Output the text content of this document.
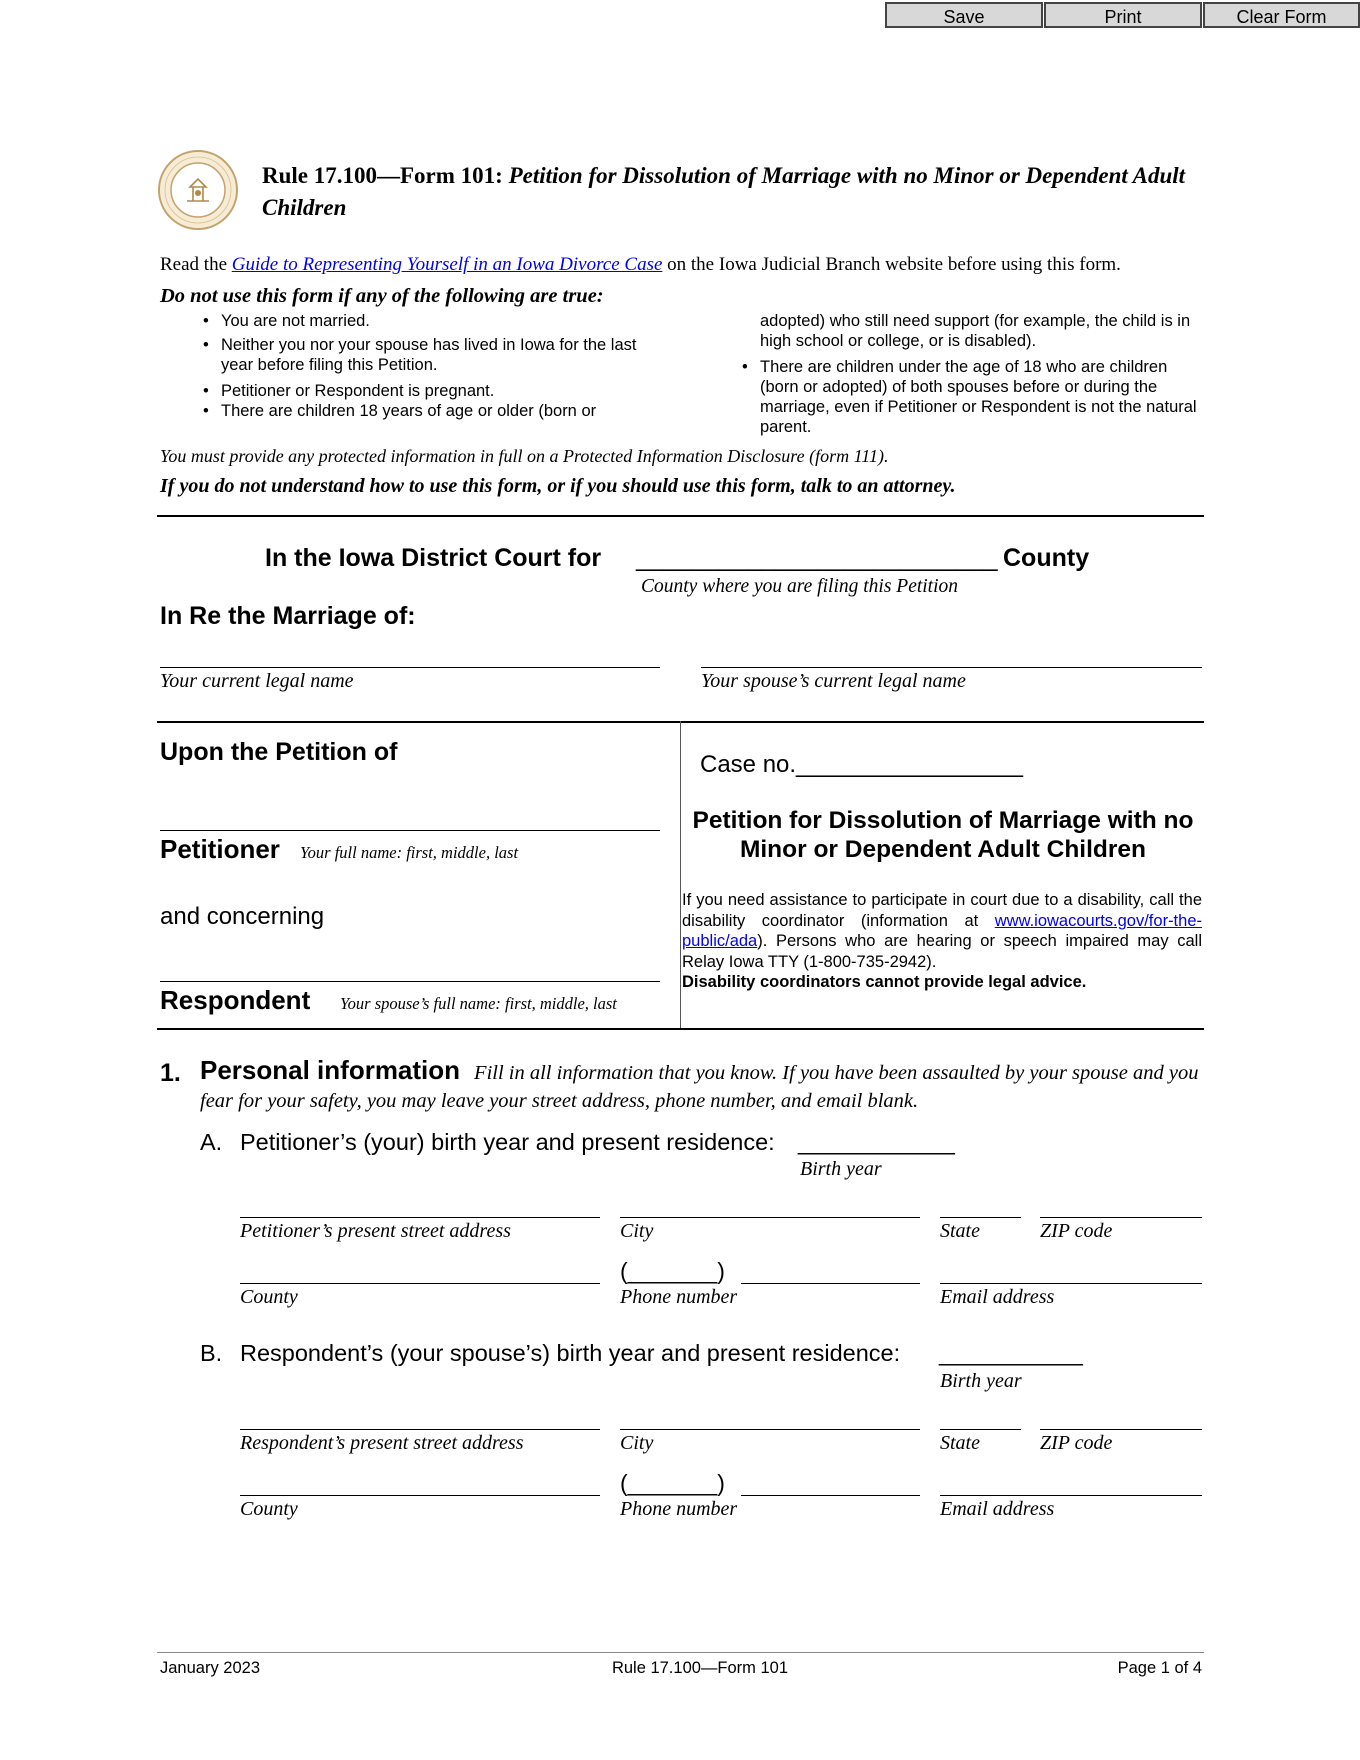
Save	Print	Clear Form
Rule 17.100—Form 101: Petition for Dissolution of Marriage with no Minor or Dependent Adult Children
Read the Guide to Representing Yourself in an Iowa Divorce Case on the Iowa Judicial Branch website before using this form.
Do not use this form if any of the following are true:
• You are not married.
• Neither you nor your spouse has lived in Iowa for the last year before filing this Petition.
• Petitioner or Respondent is pregnant.
• There are children 18 years of age or older (born or
adopted) who still need support (for example, the child is in high school or college, or is disabled).
• There are children under the age of 18 who are children (born or adopted) of both spouses before or during the marriage, even if Petitioner or Respondent is not the natural parent.
You must provide any protected information in full on a Protected Information Disclosure (form 111).
If you do not understand how to use this form, or if you should use this form, talk to an attorney.
In the Iowa District Court for __________________________ County
County where you are filing this Petition
In Re the Marriage of:
Your current legal name	Your spouse’s current legal name
Upon the Petition of
Petitioner Your full name: first, middle, last
and concerning
Respondent Your spouse’s full name: first, middle, last
Case no._________________
Petition for Dissolution of Marriage with no
Minor or Dependent Adult Children
If you need assistance to participate in court due to a disability, call the disability coordinator (information at www.iowacourts.gov/for-the-public/ada). Persons who are hearing or speech impaired may call Relay Iowa TTY (1-800-735-2942).
Disability coordinators cannot provide legal advice.
1. Personal information Fill in all information that you know. If you have been assaulted by your spouse and you fear for your safety, you may leave your street address, phone number, and email blank.
A. Petitioner’s (your) birth year and present residence: ____________
Birth year
Petitioner’s present street address	City	State	ZIP code
County
(_______)
Phone number	Email address
B. Respondent’s (your spouse’s) birth year and present residence: ___________
Birth year
Respondent’s present street address	City	State	ZIP code
County
(_______)
Phone number	Email address
January 2023	Rule 17.100—Form 101	Page 1 of 4
